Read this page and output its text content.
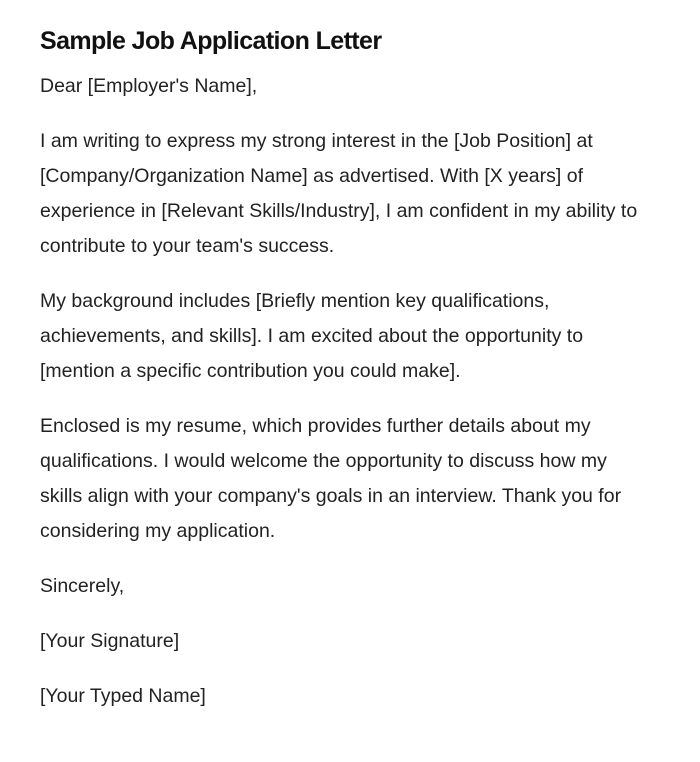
Sample Job Application Letter

Dear [Employer's Name],

I am writing to express my strong interest in the [Job Position] at [Company/Organization Name] as advertised. With [X years] of experience in [Relevant Skills/Industry], I am confident in my ability to contribute to your team's success.

My background includes [Briefly mention key qualifications, achievements, and skills]. I am excited about the opportunity to [mention a specific contribution you could make].

Enclosed is my resume, which provides further details about my qualifications. I would welcome the opportunity to discuss how my skills align with your company's goals in an interview. Thank you for considering my application.

Sincerely,

[Your Signature]

[Your Typed Name]
